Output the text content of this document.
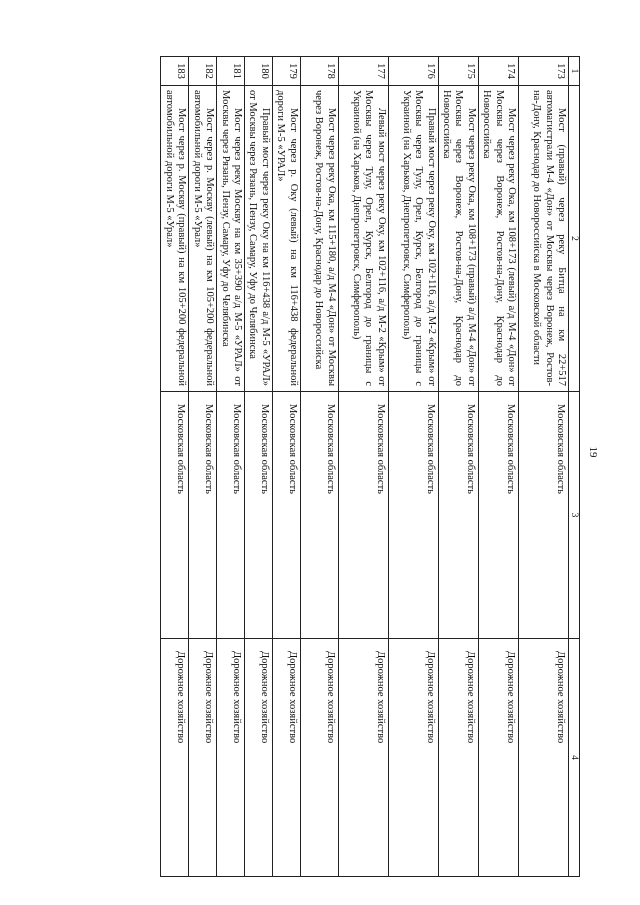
19
1	2	3	4
173	Мост (правый) через реку Битца на км 22+517 автомагистрали М-4 «Дон» от Москвы через Воронеж, Ростов-на-Дону, Краснодар до Новороссийска в Московской области	Московская область	Дорожное хозяйство
174	Мост через реку Ока, км 108+173 (левый) а/д М-4 «Дон» от Москвы через Воронеж, Ростов-на-Дону, Краснодар до Новороссийска	Московская область	Дорожное хозяйство
175	Мост через реку Ока, км 108+173 (правый) а/д М-4 «Дон» от Москвы через Воронеж, Ростов-на-Дону, Краснодар до Новороссийска	Московская область	Дорожное хозяйство
176	Правый мост через реку Оку, км 102+116, а/д М-2 «Крым» от Москвы через Тулу, Орел, Курск, Белгород до границы с Украиной (на Харьков, Днепропетровск, Симферополь)	Московская область	Дорожное хозяйство
177	Левый мост через реку Оку, км 102+116, а/д М-2 «Крым» от Москвы через Тулу, Орел, Курск, Белгород до границы с Украиной (на Харьков, Днепропетровск, Симферополь)	Московская область	Дорожное хозяйство
178	Мост через реку Ока, км 115+180, а/д М-4 «Дон» от Москвы через Воронеж, Ростов-на-Дону, Краснодар до Новороссийска	Московская область	Дорожное хозяйство
179	Мост через р. Оку (левый) на км 116+438 федеральной дороги М-5 «УРАЛ»	Московская область	Дорожное хозяйство
180	Правый мост через реку Оку на км 116+438 а/д М-5 «УРАЛ» от Москвы через Рязань, Пензу, Самару, Уфу до Челябинска	Московская область	Дорожное хозяйство
181	Мост через реку Москву на км 35+390 а/д М-5 «УРАЛ» от Москвы через Рязань, Пензу, Самару, Уфу до Челябинска	Московская область	Дорожное хозяйство
182	Мост через р. Москву (левый) на км 105+200 федеральной автомобильной дороги М-5 «Урал»	Московская область	Дорожное хозяйство
183	Мост через р. Москву (правый) на км 105+200 федеральной автомобильной дороги М-5 «Урал»	Московская область	Дорожное хозяйство
